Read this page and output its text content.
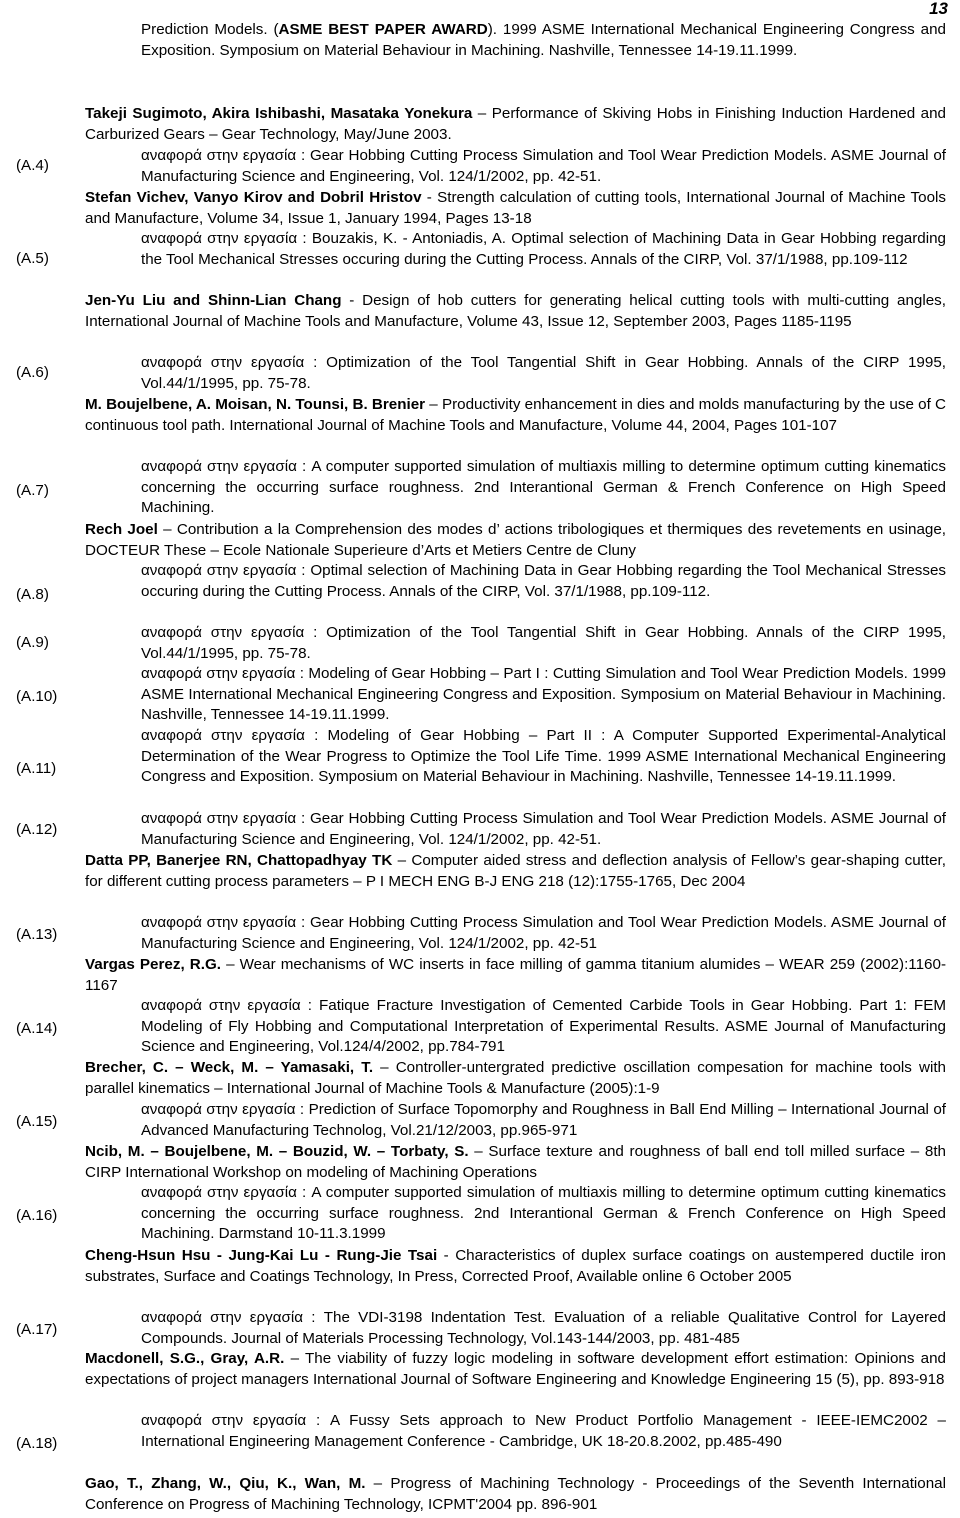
13
Prediction Models. (ASME BEST PAPER AWARD). 1999 ASME International Mechanical Engineering Congress and Exposition. Symposium on Material Behaviour in Machining. Nashville, Tennessee 14-19.11.1999.
(A.4)
(A.5)
(A.6)
(A.7)
(A.8)
(A.9)
(A.10)
(A.11)
(A.12)
(A.13)
(A.14)
(A.15)
(A.16)
(A.17)
(A.18)
Takeji Sugimoto, Akira Ishibashi, Masataka Yonekura – Performance of Skiving Hobs in Finishing Induction Hardened and Carburized Gears – Gear Technology, May/June 2003.
αναφορά στην εργασία : Gear Hobbing Cutting Process Simulation and Tool Wear Prediction Models. ASME Journal of Manufacturing Science and Engineering, Vol. 124/1/2002, pp. 42-51.
Stefan Vichev, Vanyo Kirov and Dobril Hristov - Strength calculation of cutting tools, International Journal of Machine Tools and Manufacture, Volume 34, Issue 1, January 1994, Pages 13-18
αναφορά στην εργασία : Bouzakis, K. - Antoniadis, A. Optimal selection of Machining Data in Gear Hobbing regarding the Tool Mechanical Stresses occuring during the Cutting Process. Annals of the CIRP, Vol. 37/1/1988, pp.109-112
Jen-Yu Liu and Shinn-Lian Chang - Design of hob cutters for generating helical cutting tools with multi-cutting angles, International Journal of Machine Tools and Manufacture, Volume 43, Issue 12, September 2003, Pages 1185-1195
αναφορά στην εργασία : Optimization of the Tool Tangential Shift in Gear Hobbing. Annals of the CIRP 1995, Vol.44/1/1995, pp. 75-78.
M. Boujelbene, A. Moisan, N. Tounsi, B. Brenier – Productivity enhancement in dies and molds manufacturing by the use of C continuous tool path. International Journal of Machine Tools and Manufacture, Volume 44, 2004, Pages 101-107
αναφορά στην εργασία : A computer supported simulation of multiaxis milling to determine optimum cutting kinematics concerning the occurring surface roughness. 2nd Interantional German & French Conference on High Speed Machining.
Rech Joel – Contribution a la Comprehension des modes d’ actions tribologiques et thermiques des revetements en usinage, DOCTEUR These – Ecole Nationale Superieure d’Arts et Metiers Centre de Cluny
αναφορά στην εργασία : Optimal selection of Machining Data in Gear Hobbing regarding the Tool Mechanical Stresses occuring during the Cutting Process. Annals of the CIRP, Vol. 37/1/1988, pp.109-112.
αναφορά στην εργασία : Optimization of the Tool Tangential Shift in Gear Hobbing. Annals of the CIRP 1995, Vol.44/1/1995, pp. 75-78.
αναφορά στην εργασία : Modeling of Gear Hobbing – Part I : Cutting Simulation and Tool Wear Prediction Models. 1999 ASME International Mechanical Engineering Congress and Exposition. Symposium on Material Behaviour in Machining. Nashville, Tennessee 14-19.11.1999.
αναφορά στην εργασία : Modeling of Gear Hobbing – Part II : A Computer Supported Experimental-Analytical Determination of the Wear Progress to Optimize the Tool Life Time. 1999 ASME International Mechanical Engineering Congress and Exposition. Symposium on Material Behaviour in Machining. Nashville, Tennessee 14-19.11.1999.
αναφορά στην εργασία : Gear Hobbing Cutting Process Simulation and Tool Wear Prediction Models. ASME Journal of Manufacturing Science and Engineering, Vol. 124/1/2002, pp. 42-51.
Datta PP, Banerjee RN, Chattopadhyay TK – Computer aided stress and deflection analysis of Fellow’s gear-shaping cutter, for different cutting process parameters – P I MECH ENG B-J ENG 218 (12):1755-1765, Dec 2004
αναφορά στην εργασία : Gear Hobbing Cutting Process Simulation and Tool Wear Prediction Models. ASME Journal of Manufacturing Science and Engineering, Vol. 124/1/2002, pp. 42-51
Vargas Perez, R.G. – Wear mechanisms of WC inserts in face milling of gamma titanium alumides – WEAR 259 (2002):1160-1167
αναφορά στην εργασία : Fatique Fracture Investigation of Cemented Carbide Tools in Gear Hobbing. Part 1: FEM Modeling of Fly Hobbing and Computational Interpretation of Experimental Results. ASME Journal of Manufacturing Science and Engineering, Vol.124/4/2002, pp.784-791
Brecher, C. – Weck, M. – Yamasaki, T. – Controller-untergrated predictive oscillation compesation for machine tools with parallel kinematics – International Journal of Machine Tools & Manufacture (2005):1-9
αναφορά στην εργασία : Prediction of Surface Topomorphy and Roughness in Ball End Milling – International Journal of Advanced Manufacturing Technolog, Vol.21/12/2003, pp.965-971
Ncib, M. – Boujelbene, M. – Bouzid, W. – Torbaty, S. – Surface texture and roughness of ball end toll milled surface – 8th CIRP International Workshop on modeling of Machining Operations
αναφορά στην εργασία : A computer supported simulation of multiaxis milling to determine optimum cutting kinematics concerning the occurring surface roughness. 2nd Interantional German & French Conference on High Speed Machining. Darmstand 10-11.3.1999
Cheng-Hsun Hsu - Jung-Kai Lu - Rung-Jie Tsai - Characteristics of duplex surface coatings on austempered ductile iron substrates, Surface and Coatings Technology, In Press, Corrected Proof, Available online 6 October 2005
αναφορά στην εργασία : The VDI-3198 Indentation Test. Evaluation of a reliable Qualitative Control for Layered Compounds. Journal of Materials Processing Technology, Vol.143-144/2003, pp. 481-485
Macdonell, S.G., Gray, A.R. – The viability of fuzzy logic modeling in software development effort estimation: Opinions and expectations of project managers International Journal of Software Engineering and Knowledge Engineering 15 (5), pp. 893-918
αναφορά στην εργασία : A Fussy Sets approach to New Product Portfolio Management - IEEE-IEMC2002 – International Engineering Management Conference - Cambridge, UK 18-20.8.2002, pp.485-490
Gao, T., Zhang, W., Qiu, K., Wan, M. – Progress of Machining Technology - Proceedings of the Seventh International Conference on Progress of Machining Technology, ICPMT'2004 pp. 896-901
